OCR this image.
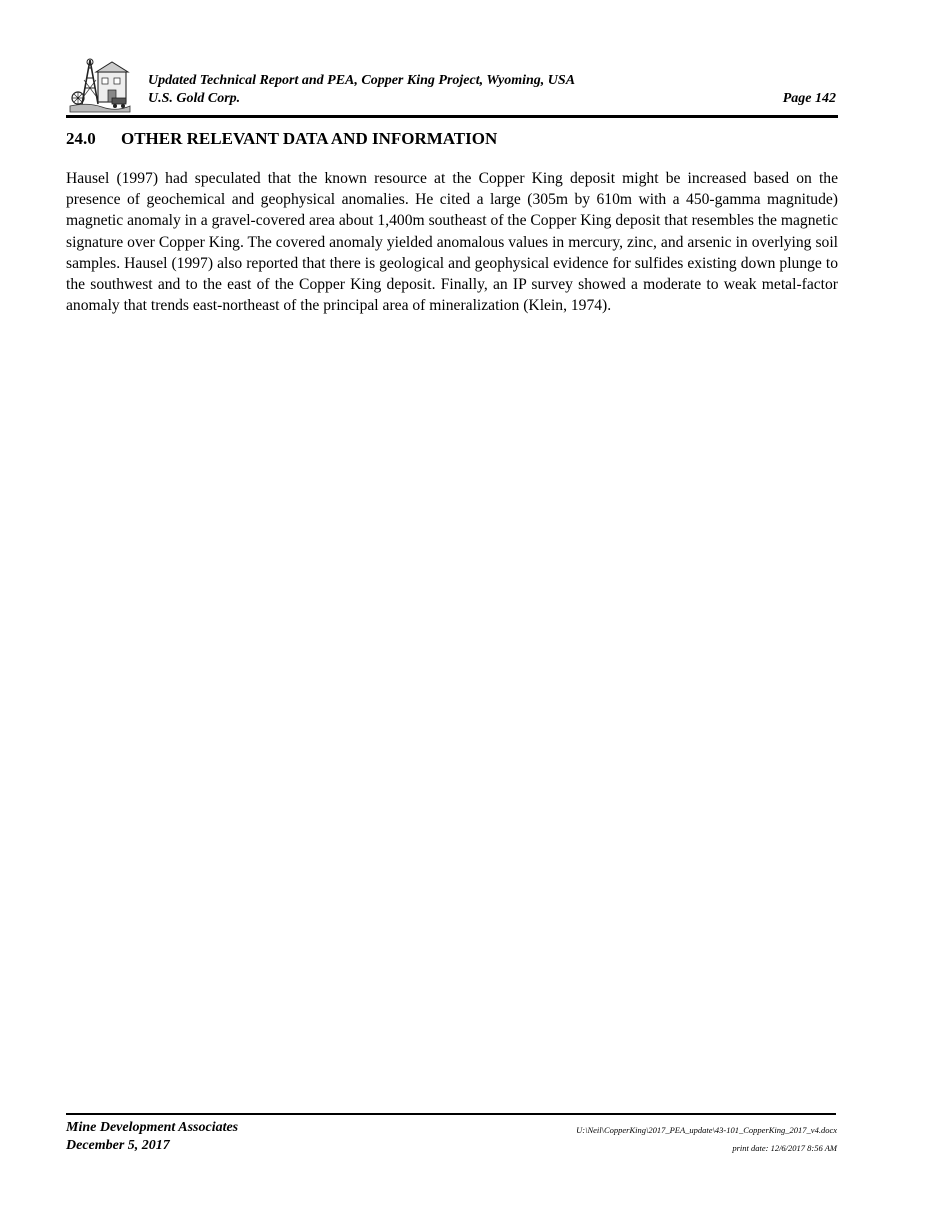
Updated Technical Report and PEA, Copper King Project, Wyoming, USA
U.S. Gold Corp.	Page 142
24.0 OTHER RELEVANT DATA AND INFORMATION

Hausel (1997) had speculated that the known resource at the Copper King deposit might be increased based on the presence of geochemical and geophysical anomalies. He cited a large (305m by 610m with a 450-gamma magnitude) magnetic anomaly in a gravel-covered area about 1,400m southeast of the Copper King deposit that resembles the magnetic signature over Copper King. The covered anomaly yielded anomalous values in mercury, zinc, and arsenic in overlying soil samples. Hausel (1997) also reported that there is geological and geophysical evidence for sulfides existing down plunge to the southwest and to the east of the Copper King deposit. Finally, an IP survey showed a moderate to weak metal-factor anomaly that trends east-northeast of the principal area of mineralization (Klein, 1974).

Mine Development Associates
December 5, 2017
U:\Neil\CopperKing\2017_PEA_update\43-101_CopperKing_2017_v4.docx
print date: 12/6/2017 8:56 AM
